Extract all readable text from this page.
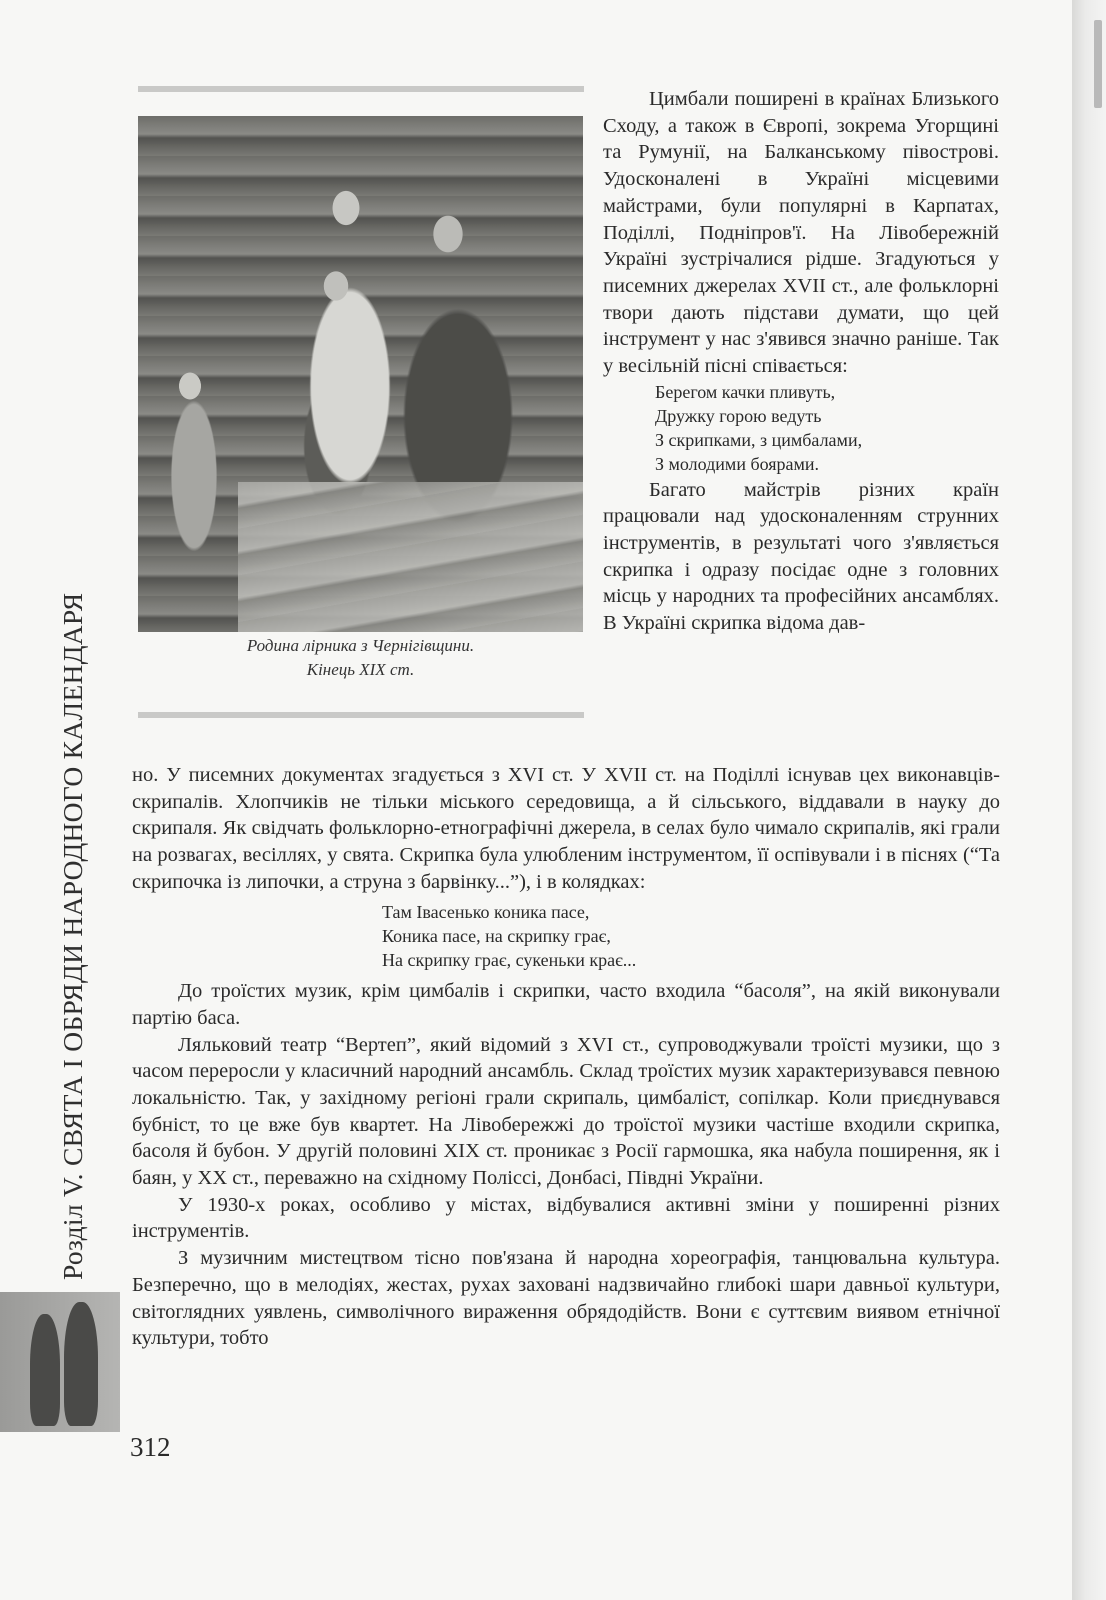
Родина лірника з Чернігівщини.
Кінець XIX ст.
Розділ V. СВЯТА І ОБРЯДИ НАРОДНОГО КАЛЕНДАРЯ

Цимбали поширені в країнах Близького Сходу, а також в Європі, зокрема Угорщині та Румунії, на Балканському півострові. Удосконалені в Україні місцевими майстрами, були популярні в Карпатах, Поділлі, Подніпров'ї. На Лівобережній Україні зустрічалися рідше. Згадуються у писемних джерелах XVII ст., але фольклорні твори дають підстави думати, що цей інструмент у нас з'явився значно раніше. Так у весільній пісні співається:

Берегом качки пливуть,
Дружку горою ведуть
З скрипками, з цимбалами,
З молодими боярами.

Багато майстрів різних країн працювали над удосконаленням струнних інструментів, в результаті чого з'являється скрипка і одразу посідає одне з головних місць у народних та професійних ансамблях. В Україні скрипка відома дав-

но. У писемних документах згадується з XVI ст. У XVII ст. на Поділлі існував цех виконавців-скрипалів. Хлопчиків не тільки міського середовища, а й сільського, віддавали в науку до скрипаля. Як свідчать фольклорно-етнографічні джерела, в селах було чимало скрипалів, які грали на розвагах, весіллях, у свята. Скрипка була улюбленим інструментом, її оспівували і в піснях (“Та скрипочка із липочки, а струна з барвінку...”), і в колядках:

Там Івасенько коника пасе,
Коника пасе, на скрипку грає,
На скрипку грає, сукеньки крає...

До троїстих музик, крім цимбалів і скрипки, часто входила “басоля”, на якій виконували партію баса.

Ляльковий театр “Вертеп”, який відомий з XVI ст., супроводжували троїсті музики, що з часом переросли у класичний народний ансамбль. Склад троїстих музик характеризувався певною локальністю. Так, у західному регіоні грали скрипаль, цимбаліст, сопілкар. Коли приєднувався бубніст, то це вже був квартет. На Лівобережжі до троїстої музики частіше входили скрипка, басоля й бубон. У другій половині XIX ст. проникає з Росії гармошка, яка набула поширення, як і баян, у XX ст., переважно на східному Поліссі, Донбасі, Півдні України.

У 1930-х роках, особливо у містах, відбувалися активні зміни у поширенні різних інструментів.

З музичним мистецтвом тісно пов'язана й народна хореографія, танцювальна культура. Безперечно, що в мелодіях, жестах, рухах заховані надзвичайно глибокі шари давньої культури, світоглядних уявлень, символічного вираження обрядодійств. Вони є суттєвим виявом етнічної культури, тобто

312
